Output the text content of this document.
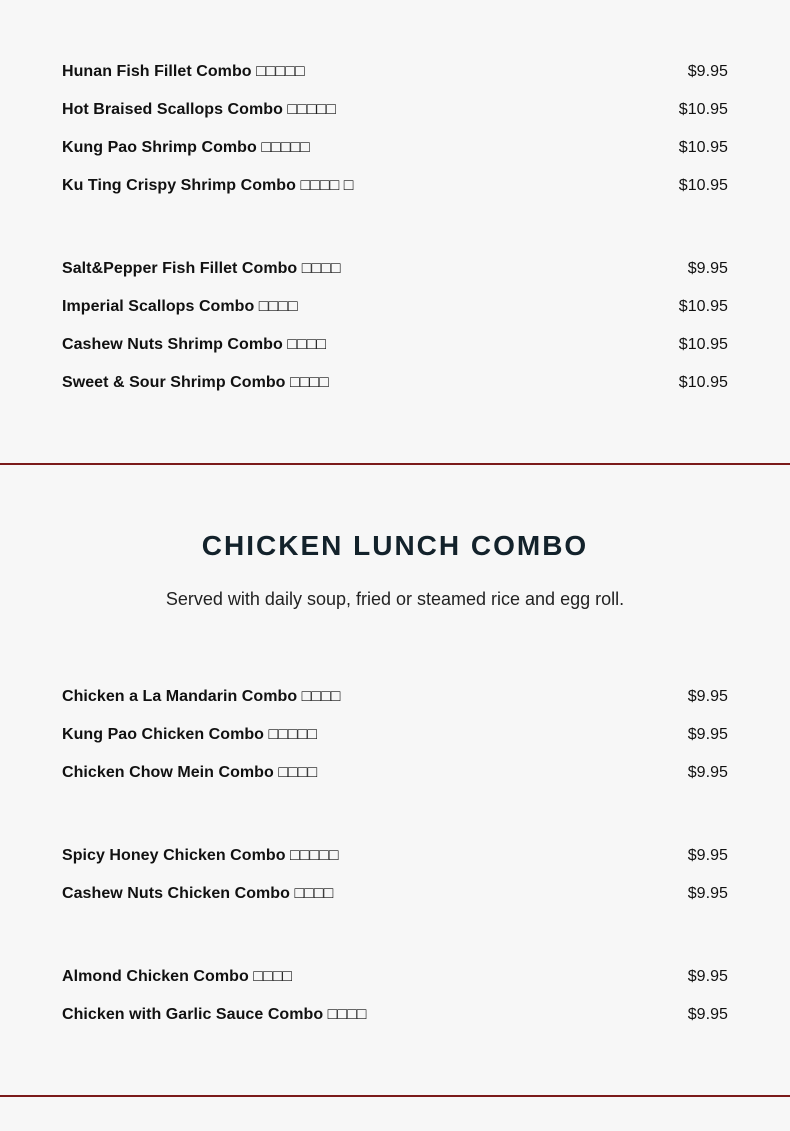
Hunan Fish Fillet Combo □□□□□	$9.95
Hot Braised Scallops Combo □□□□□	$10.95
Kung Pao Shrimp Combo □□□□□	$10.95
Ku Ting Crispy Shrimp Combo □□□□ □	$10.95
Salt&Pepper Fish Fillet Combo □□□□	$9.95
Imperial Scallops Combo □□□□	$10.95
Cashew Nuts Shrimp Combo □□□□	$10.95
Sweet & Sour Shrimp Combo □□□□	$10.95
CHICKEN LUNCH COMBO
Served with daily soup, fried or steamed rice and egg roll.
Chicken a La Mandarin Combo □□□□	$9.95
Kung Pao Chicken Combo □□□□□	$9.95
Chicken Chow Mein Combo □□□□	$9.95
Spicy Honey Chicken Combo □□□□□	$9.95
Cashew Nuts Chicken Combo □□□□	$9.95
Almond Chicken Combo □□□□	$9.95
Chicken with Garlic Sauce Combo □□□□	$9.95
